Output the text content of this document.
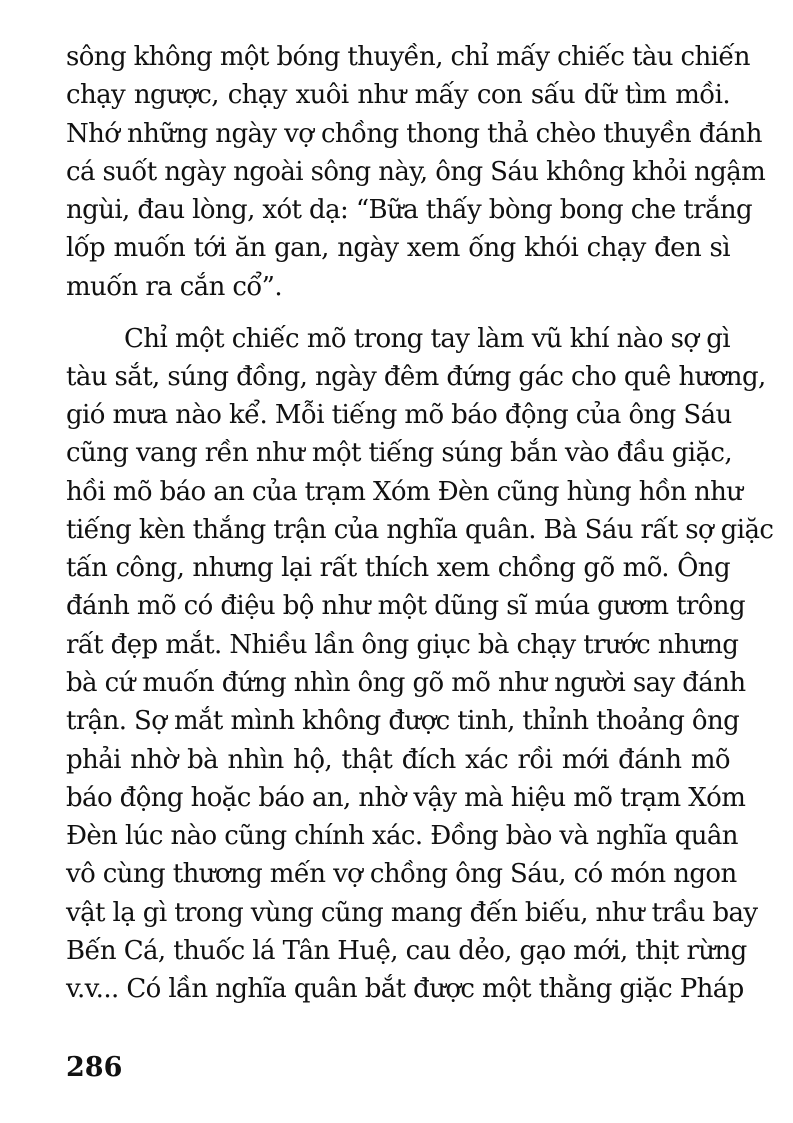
sông không một bóng thuyền, chỉ mấy chiếc tàu chiến
chạy ngược, chạy xuôi như mấy con sấu dữ tìm mồi.
Nhớ những ngày vợ chồng thong thả chèo thuyền đánh
cá suốt ngày ngoài sông này, ông Sáu không khỏi ngậm
ngùi, đau lòng, xót dạ: “Bữa thấy bòng bong che trắng
lốp muốn tới ăn gan, ngày xem ống khói chạy đen sì
muốn ra cắn cổ”.
Chỉ một chiếc mõ trong tay làm vũ khí nào sợ gì
tàu sắt, súng đồng, ngày đêm đứng gác cho quê hương,
gió mưa nào kể. Mỗi tiếng mõ báo động của ông Sáu
cũng vang rền như một tiếng súng bắn vào đầu giặc,
hồi mõ báo an của trạm Xóm Đèn cũng hùng hồn như
tiếng kèn thắng trận của nghĩa quân. Bà Sáu rất sợ giặc
tấn công, nhưng lại rất thích xem chồng gõ mõ. Ông
đánh mõ có điệu bộ như một dũng sĩ múa gươm trông
rất đẹp mắt. Nhiều lần ông giục bà chạy trước nhưng
bà cứ muốn đứng nhìn ông gõ mõ như người say đánh
trận. Sợ mắt mình không được tinh, thỉnh thoảng ông
phải nhờ bà nhìn hộ, thật đích xác rồi mới đánh mõ
báo động hoặc báo an, nhờ vậy mà hiệu mõ trạm Xóm
Đèn lúc nào cũng chính xác. Đồng bào và nghĩa quân
vô cùng thương mến vợ chồng ông Sáu, có món ngon
vật lạ gì trong vùng cũng mang đến biếu, như trầu bay
Bến Cá, thuốc lá Tân Huệ, cau dẻo, gạo mới, thịt rừng
v.v... Có lần nghĩa quân bắt được một thằng giặc Pháp
286
